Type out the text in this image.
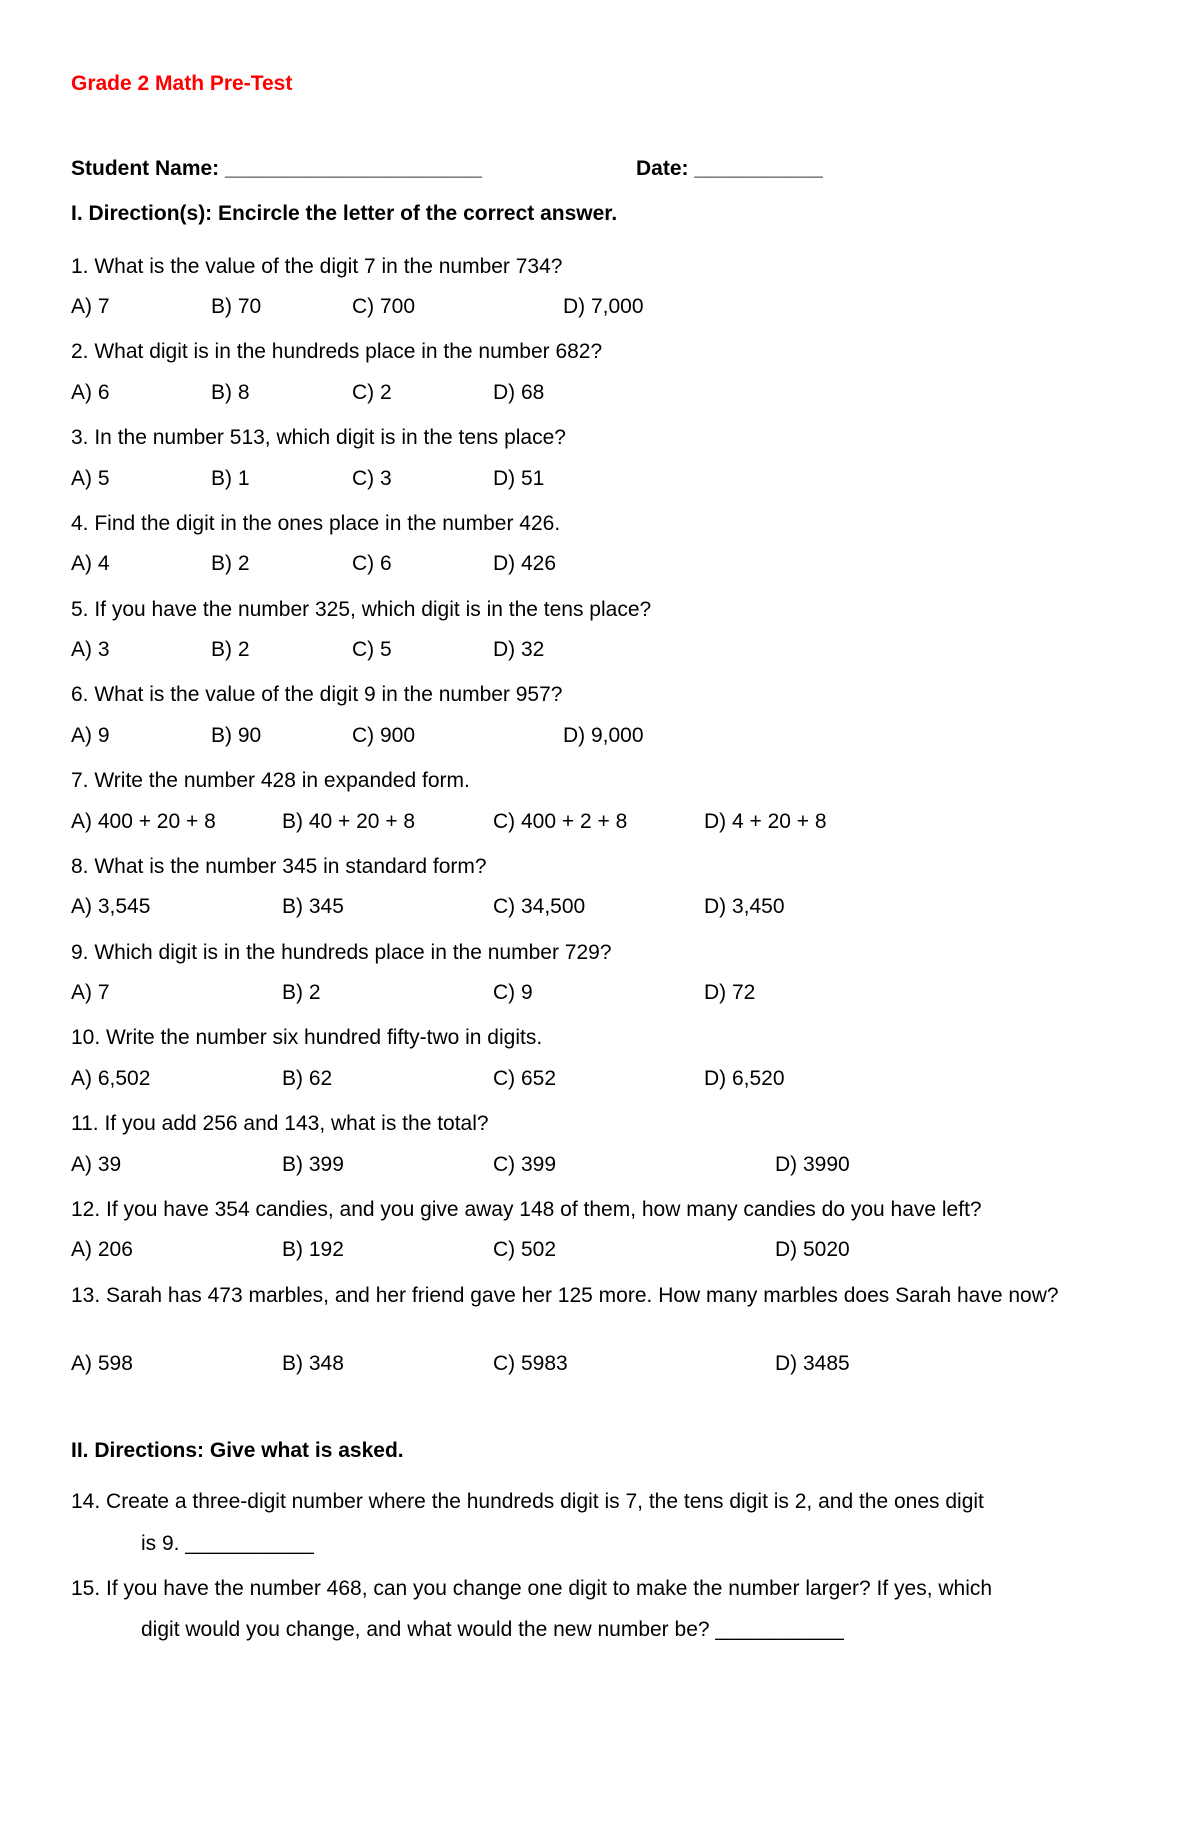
Grade 2 Math Pre-Test
Student Name: ______________________	Date: ___________
I. Direction(s): Encircle the letter of the correct answer.
1. What is the value of the digit 7 in the number 734?
A) 7	B) 70	C) 700	D) 7,000
2. What digit is in the hundreds place in the number 682?
A) 6	B) 8	C) 2	D) 68
3. In the number 513, which digit is in the tens place?
A) 5	B) 1	C) 3	D) 51
4. Find the digit in the ones place in the number 426.
A) 4	B) 2	C) 6	D) 426
5. If you have the number 325, which digit is in the tens place?
A) 3	B) 2	C) 5	D) 32
6. What is the value of the digit 9 in the number 957?
A) 9	B) 90	C) 900	D) 9,000
7. Write the number 428 in expanded form.
A) 400 + 20 + 8	B) 40 + 20 + 8	C) 400 + 2 + 8	D) 4 + 20 + 8
8. What is the number 345 in standard form?
A) 3,545	B) 345	C) 34,500	D) 3,450
9. Which digit is in the hundreds place in the number 729?
A) 7	B) 2	C) 9	D) 72
10. Write the number six hundred fifty-two in digits.
A) 6,502	B) 62	C) 652	D) 6,520
11. If you add 256 and 143, what is the total?
A) 39	B) 399	C) 399	D) 3990
12. If you have 354 candies, and you give away 148 of them, how many candies do you have left?
A) 206	B) 192	C) 502	D) 5020
13. Sarah has 473 marbles, and her friend gave her 125 more. How many marbles does Sarah have now?
A) 598	B) 348	C) 5983	D) 3485
II. Directions: Give what is asked.
14. Create a three-digit number where the hundreds digit is 7, the tens digit is 2, and the ones digit
is 9. ___________
15. If you have the number 468, can you change one digit to make the number larger? If yes, which
digit would you change, and what would the new number be? ___________
